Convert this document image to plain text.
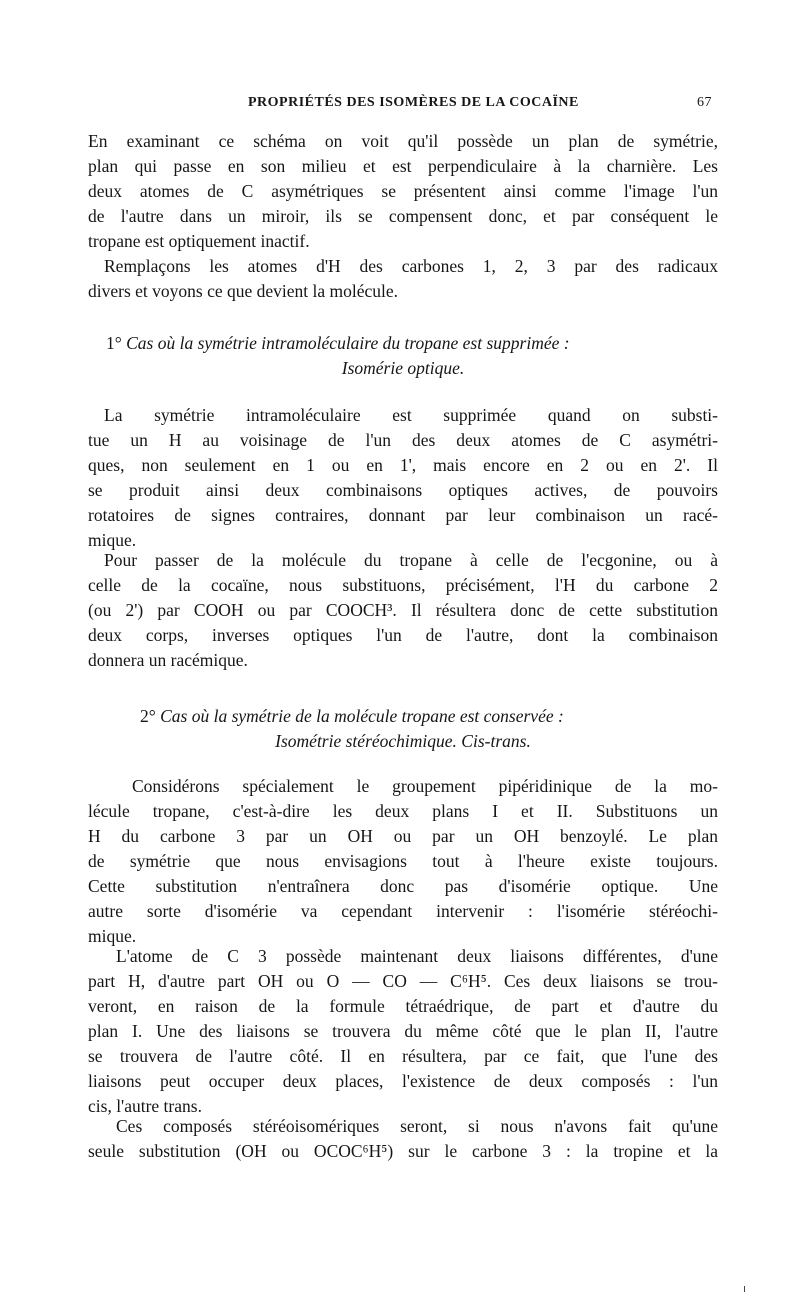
PROPRIÉTÉS DES ISOMÈRES DE LA COCAÏNE	67
En examinant ce schéma on voit qu'il possède un plan de symétrie,
plan qui passe en son milieu et est perpendiculaire à la charnière. Les
deux atomes de C asymétriques se présentent ainsi comme l'image l'un
de l'autre dans un miroir, ils se compensent donc, et par conséquent le
tropane est optiquement inactif.
Remplaçons les atomes d'H des carbones 1, 2, 3 par des radicaux
divers et voyons ce que devient la molécule.
1° Cas où la symétrie intramoléculaire du tropane est supprimée :
Isomérie optique.
La symétrie intramoléculaire est supprimée quand on substi-
tue un H au voisinage de l'un des deux atomes de C asymétri-
ques, non seulement en 1 ou en 1', mais encore en 2 ou en 2'. Il
se produit ainsi deux combinaisons optiques actives, de pouvoirs
rotatoires de signes contraires, donnant par leur combinaison un racé-
mique.
Pour passer de la molécule du tropane à celle de l'ecgonine, ou à
celle de la cocaïne, nous substituons, précisément, l'H du carbone 2
(ou 2') par COOH ou par COOCH³. Il résultera donc de cette substitution
deux corps, inverses optiques l'un de l'autre, dont la combinaison
donnera un racémique.
2° Cas où la symétrie de la molécule tropane est conservée :
Isométrie stéréochimique. Cis-trans.
Considérons spécialement le groupement pipéridinique de la mo-
lécule tropane, c'est-à-dire les deux plans I et II. Substituons un
H du carbone 3 par un OH ou par un OH benzoylé. Le plan
de symétrie que nous envisagions tout à l'heure existe toujours.
Cette substitution n'entraînera donc pas d'isomérie optique. Une
autre sorte d'isomérie va cependant intervenir : l'isomérie stéréochi-
mique.
L'atome de C 3 possède maintenant deux liaisons différentes, d'une
part H, d'autre part OH ou O — CO — C⁶H⁵. Ces deux liaisons se trou-
veront, en raison de la formule tétraédrique, de part et d'autre du
plan I. Une des liaisons se trouvera du même côté que le plan II, l'autre
se trouvera de l'autre côté. Il en résultera, par ce fait, que l'une des
liaisons peut occuper deux places, l'existence de deux composés : l'un
cis, l'autre trans.
Ces composés stéréoisomériques seront, si nous n'avons fait qu'une
seule substitution (OH ou OCOC⁶H⁵) sur le carbone 3 : la tropine et la
